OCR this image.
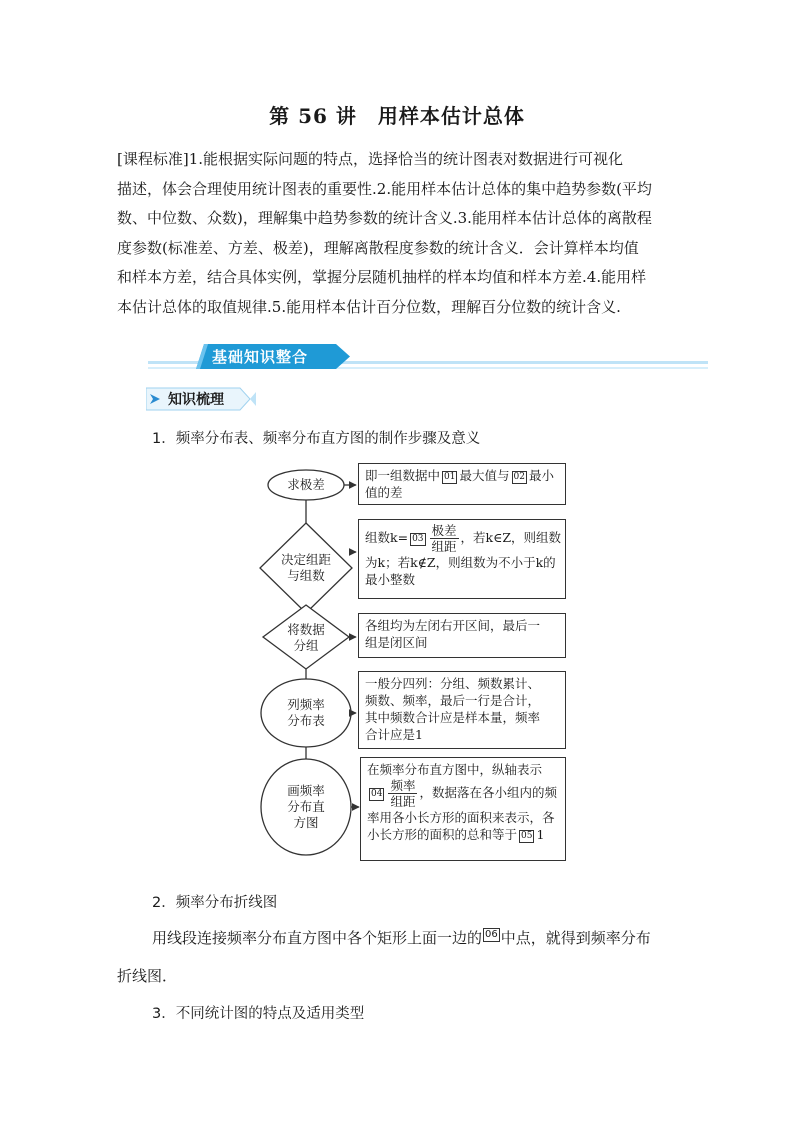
第 56 讲　用样本估计总体
[课程标准]1.能根据实际问题的特点，选择恰当的统计图表对数据进行可视化
描述，体会合理使用统计图表的重要性.2.能用样本估计总体的集中趋势参数(平均
数、中位数、众数)，理解集中趋势参数的统计含义.3.能用样本估计总体的离散程
度参数(标准差、方差、极差)，理解离散程度参数的统计含义．会计算样本均值
和样本方差，结合具体实例，掌握分层随机抽样的样本均值和样本方差.4.能用样
本估计总体的取值规律.5.能用样本估计百分位数，理解百分位数的统计含义.
基础知识整合
知识梳理
1．频率分布表、频率分布直方图的制作步骤及意义
求极差
决定组距
与组数
将数据
分组
列频率
分布表
画频率
分布直
方图
即一组数据中 01 最大值与 02 最小
值的差
组数$k= 03 \frac{\text{极差}}{\text{组距}}$ ，若k∈Z，则组数
为k；若k∉Z，则组数为不小于k的
最小整数
各组均为左闭右开区间，最后一
组是闭区间
一般分四列：分组、频数累计、
频数、频率，最后一行是合计，
其中频数合计应是样本量，频率
合计应是1
在频率分布直方图中，纵轴表示
$04 \frac{\text{频率}}{\text{组距}}$ ，数据落在各小组内的频
率用各小长方形的面积来表示，各
小长方形的面积的总和等于 05 1
2．频率分布折线图
用线段连接频率分布直方图中各个矩形上面一边的 06 中点，就得到频率分布
折线图．
3．不同统计图的特点及适用类型
